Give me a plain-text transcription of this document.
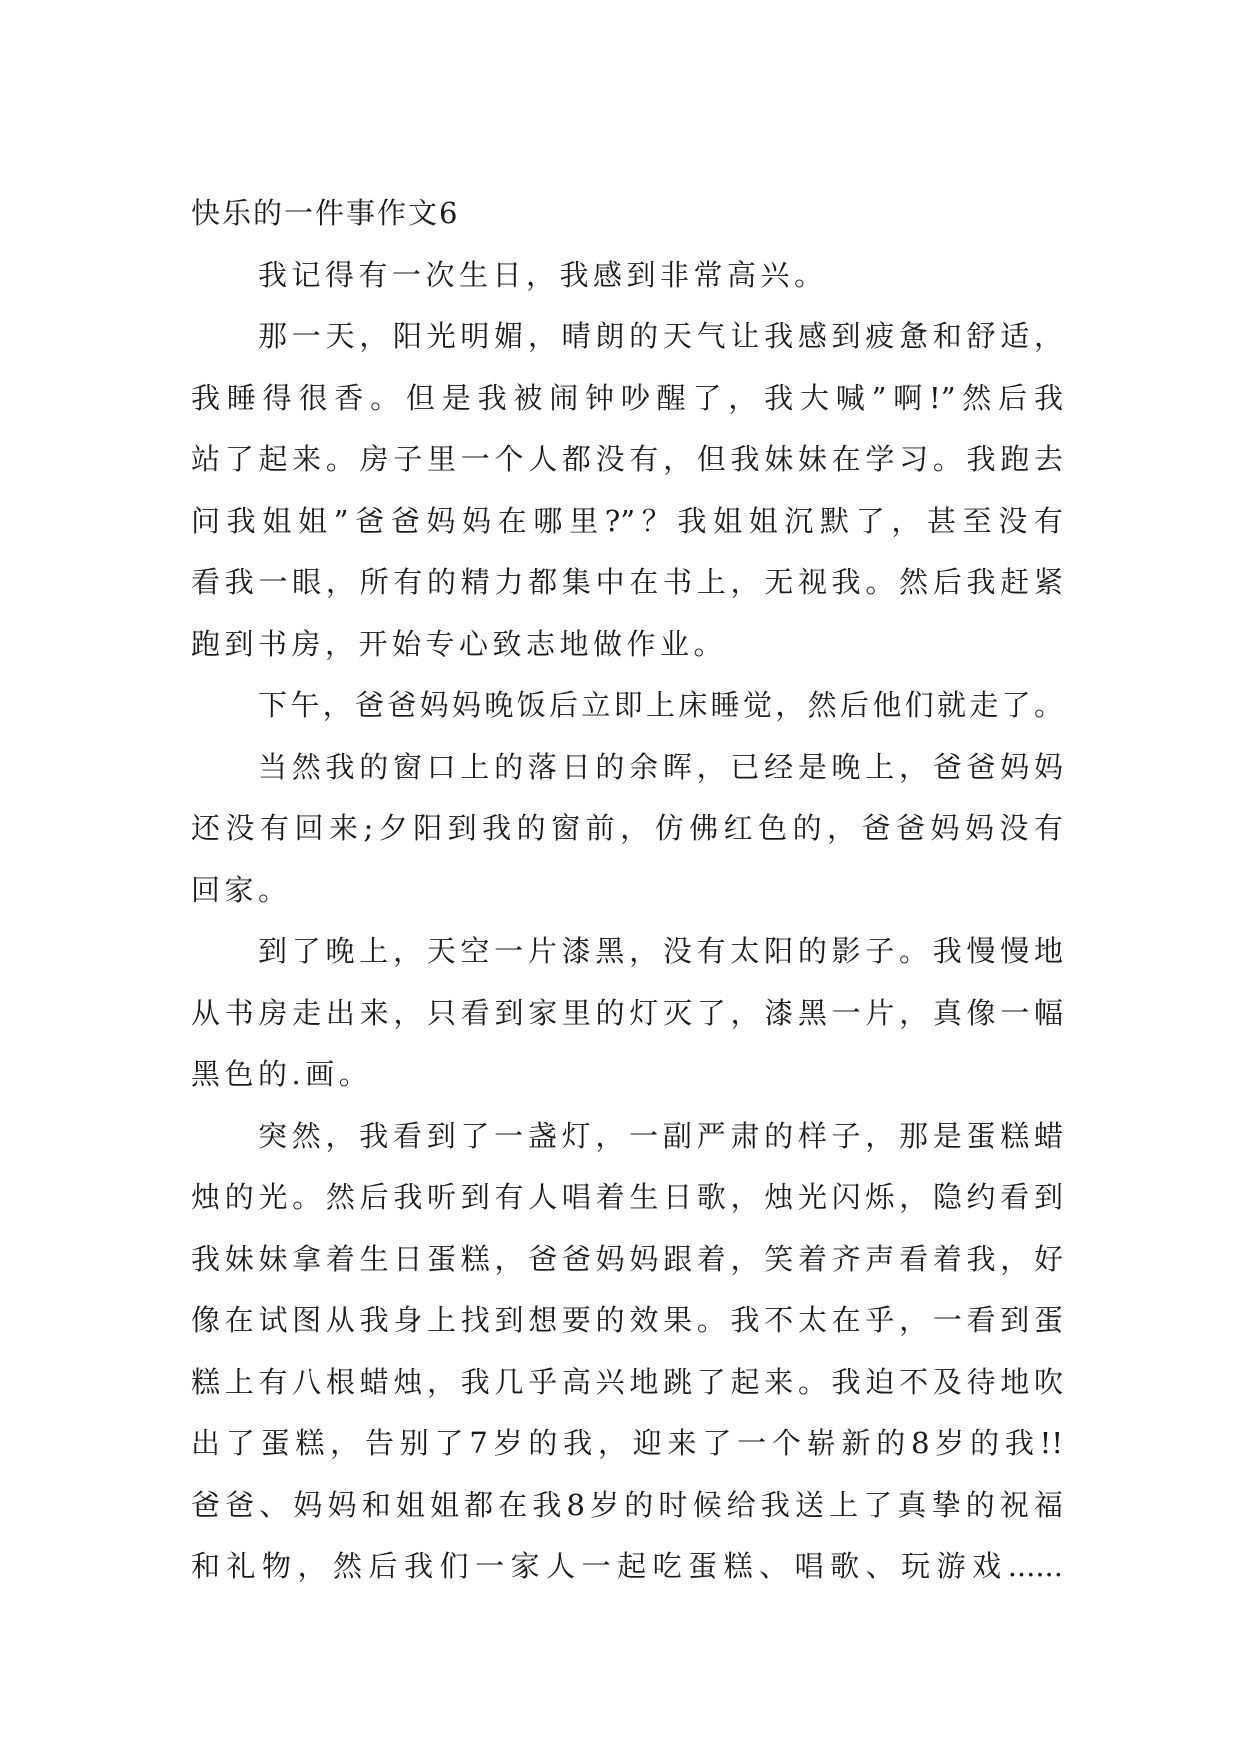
快乐的一件事作文6
我记得有一次生日，我感到非常高兴。
那一天，阳光明媚，晴朗的天气让我感到疲惫和舒适，
我睡得很香。但是我被闹钟吵醒了，我大喊”啊!”然后我
站了起来。房子里一个人都没有，但我妹妹在学习。我跑去
问我姐姐”爸爸妈妈在哪里?”？我姐姐沉默了，甚至没有
看我一眼，所有的精力都集中在书上，无视我。然后我赶紧
跑到书房，开始专心致志地做作业。
下午，爸爸妈妈晚饭后立即上床睡觉，然后他们就走了。
当然我的窗口上的落日的余晖，已经是晚上，爸爸妈妈
还没有回来;夕阳到我的窗前，仿佛红色的，爸爸妈妈没有
回家。
到了晚上，天空一片漆黑，没有太阳的影子。我慢慢地
从书房走出来，只看到家里的灯灭了，漆黑一片，真像一幅
黑色的.画。
突然，我看到了一盏灯，一副严肃的样子，那是蛋糕蜡
烛的光。然后我听到有人唱着生日歌，烛光闪烁，隐约看到
我妹妹拿着生日蛋糕，爸爸妈妈跟着，笑着齐声看着我，好
像在试图从我身上找到想要的效果。我不太在乎，一看到蛋
糕上有八根蜡烛，我几乎高兴地跳了起来。我迫不及待地吹
出了蛋糕，告别了7岁的我，迎来了一个崭新的8岁的我!!
爸爸、妈妈和姐姐都在我8岁的时候给我送上了真挚的祝福
和礼物，然后我们一家人一起吃蛋糕、唱歌、玩游戏......
